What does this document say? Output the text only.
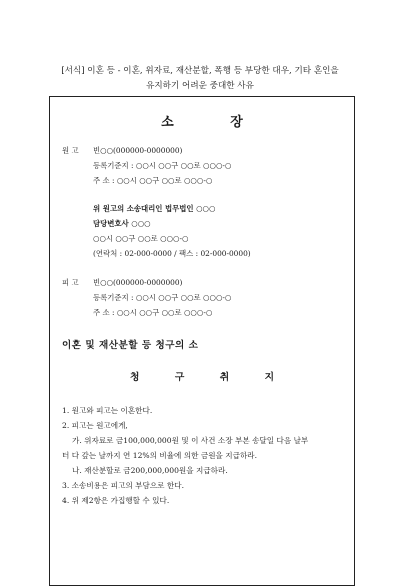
[서식] 이혼 등 - 이혼, 위자료, 재산분할, 폭행 등 부당한 대우, 기타 혼인을
유지하기 어려운 중대한 사유
소 장
원 고	빈○○(000000-0000000)
등록기준지 : ○○시 ○○구 ○○로 ○○○-○
주 소 : ○○시 ○○구 ○○로 ○○○-○
위 원고의 소송대리인 법무법인 ○○○
담당변호사 ○○○
○○시 ○○구 ○○로 ○○○-○
(연락처 : 02-000-0000 / 팩스 : 02-000-0000)
피 고	빈○○(000000-0000000)
등록기준지 : ○○시 ○○구 ○○로 ○○○-○
주 소 : ○○시 ○○구 ○○로 ○○○-○
이혼 및 재산분할 등 청구의 소
청 구 취 지
1. 원고와 피고는 이혼한다.
2. 피고는 원고에게,
가. 위자료로 금100,000,000원 및 이 사건 소장 부본 송달일 다음 날부
터 다 갚는 날까지 연 12%의 비율에 의한 금원을 지급하라.
나. 재산분할로 금200,000,000원을 지급하라.
3. 소송비용은 피고의 부담으로 한다.
4. 위 제2항은 가집행할 수 있다.
